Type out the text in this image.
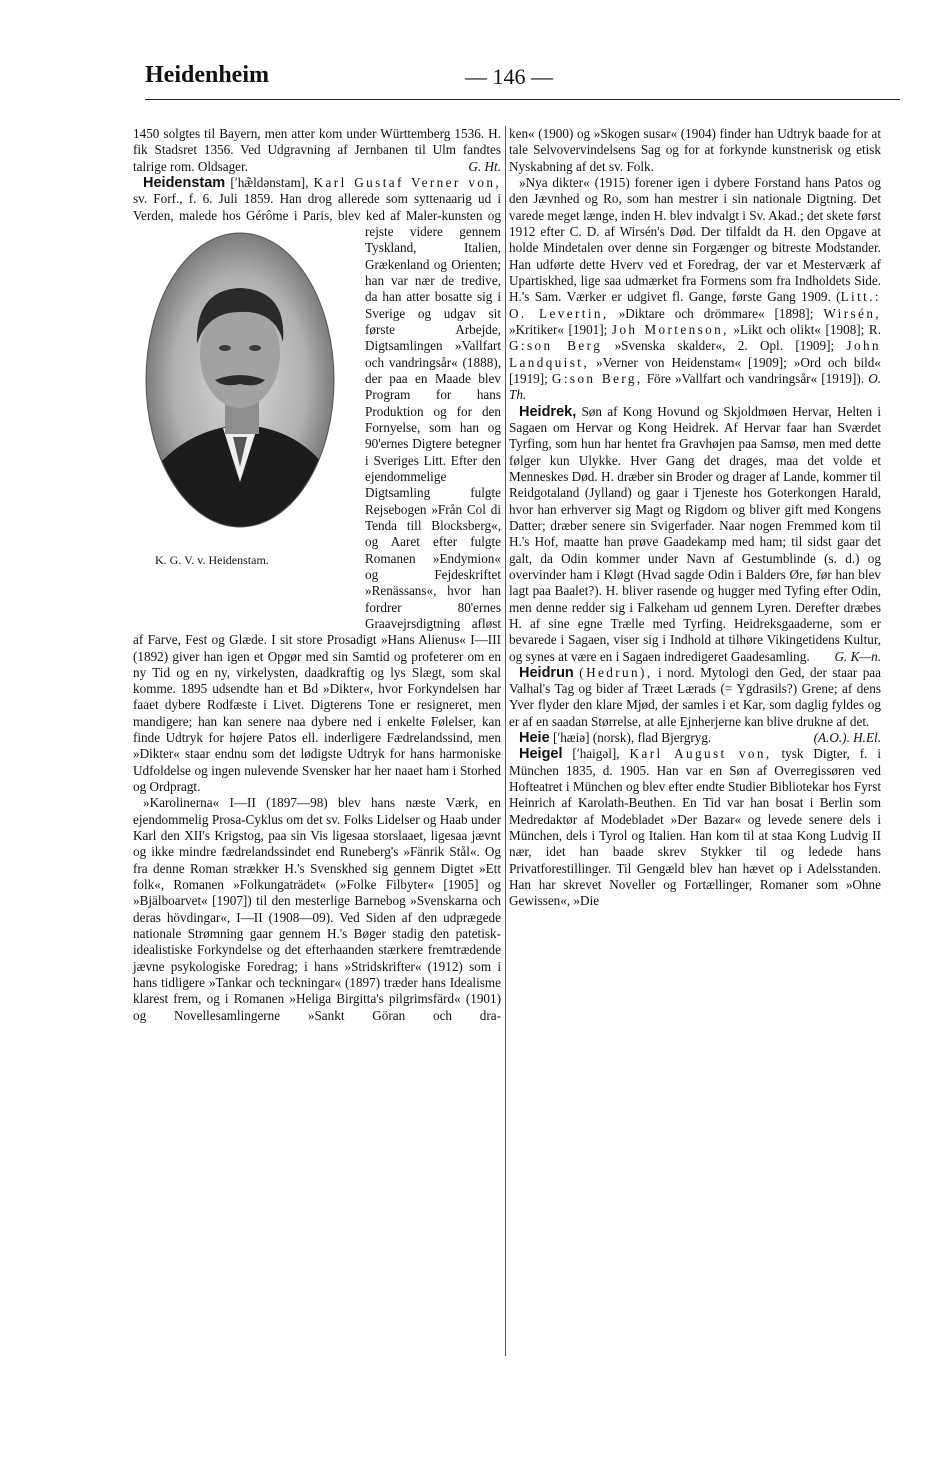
Heidenheim	— 146 —

1450 solgtes til Bayern, men atter kom under Württemberg 1536. H. fik Stadsret 1356. Ved Udgravning af Jernbanen til Ulm fandtes talrige rom. Oldsager.	G. Ht.

Heidenstam [ʹhæ̃ldənstam], Karl Gustaf Verner von, sv. Forf., f. 6. Juli 1859. Han drog allerede som syttenaarig ud i Verden, malede hos Gérôme i Paris, blev ked af Maler-
K. G. V. v. Heidenstam.
kunsten og rejste videre gennem Tyskland, Italien, Grækenland og Orienten; han var nær de tredive, da han atter bosatte sig i Sverige og udgav sit første Arbejde, Digtsamlingen »Vallfart och vandringsår« (1888), der paa en Maade blev Program for hans Produktion og for den Fornyelse, som han og 90'ernes Digtere betegner i Sveriges Litt. Efter den ejendommelige Digtsamling fulgte Rejsebogen »Från Col di Tenda till Blocksberg«, og Aaret efter fulgte Romanen »Endymion« og Fejdeskriftet »Renässans«, hvor han fordrer 80'ernes Graavejrsdigtning afløst af Farve, Fest og Glæde. I sit store Prosadigt »Hans Alienus« I—III (1892) giver han igen et Opgør med sin Samtid og profeterer om en ny Tid og en ny, virkelysten, daadkraftig og lys Slægt, som skal komme. 1895 udsendte han et Bd »Dikter«, hvor Forkyndelsen har faaet dybere Rodfæste i Livet. Digterens Tone er resigneret, men mandigere; han kan senere naa dybere ned i enkelte Følelser, kan finde Udtryk for højere Patos ell. inderligere Fædrelandssind, men »Dikter« staar endnu som det lødigste Udtryk for hans harmoniske Udfoldelse og ingen nulevende Svensker har her naaet ham i Storhed og Ordpragt.

»Karolinerna« I—II (1897—98) blev hans næste Værk, en ejendommelig Prosa-Cyklus om det sv. Folks Lidelser og Haab under Karl den XII's Krigstog, paa sin Vis ligesaa storslaaet, ligesaa jævnt og ikke mindre fædrelandssindet end Runeberg's »Fänrik Stål«. Og fra denne Roman strækker H.'s Svenskhed sig gennem Digtet »Ett folk«, Romanen »Folkungaträdet« (»Folke Filbyter« [1905] og »Bjälboarvet« [1907]) til den mesterlige Barnebog »Svenskarna och deras hövdingar«, I—II (1908—09). Ved Siden af den udprægede nationale Strømning gaar gennem H.'s Bøger stadig den patetisk-idealistiske Forkyndelse og det efterhaanden stærkere fremtrædende jævne psykologiske Foredrag; i hans »Stridskrifter« (1912) som i hans tidligere »Tankar och teckningar« (1897) træder hans Idealisme klarest frem, og i Romanen »Heliga Birgitta's pilgrimsfärd« (1901) og Novellesamlingerne »Sankt Göran och dra-

ken« (1900) og »Skogen susar« (1904) finder han Udtryk baade for at tale Selvovervindelsens Sag og for at forkynde kunstnerisk og etisk Nyskabning af det sv. Folk.

»Nya dikter« (1915) forener igen i dybere Forstand hans Patos og den Jævnhed og Ro, som han mestrer i sin nationale Digtning. Det varede meget længe, inden H. blev indvalgt i Sv. Akad.; det skete først 1912 efter C. D. af Wirsén's Død. Der tilfaldt da H. den Opgave at holde Mindetalen over denne sin Forgænger og bitreste Modstander. Han udførte dette Hverv ved et Foredrag, der var et Mesterværk af Upartiskhed, lige saa udmærket fra Formens som fra Indholdets Side. H.'s Sam. Værker er udgivet fl. Gange, første Gang 1909. (Litt.: O. Levertin, »Diktare och drömmare« [1898]; Wirsén, »Kritiker« [1901]; Joh Mortenson, »Likt och olikt« [1908]; R. G:son Berg »Svenska skalder«, 2. Opl. [1909]; John Landquist, »Verner von Heidenstam« [1909]; »Ord och bild« [1919]; G:son Berg, Före »Vallfart och vandringsår« [1919]). O. Th.

Heidrek, Søn af Kong Hovund og Skjoldmøen Hervar, Helten i Sagaen om Hervar og Kong Heidrek. Af Hervar faar han Sværdet Tyrfing, som hun har hentet fra Gravhøjen paa Samsø, men med dette følger kun Ulykke. Hver Gang det drages, maa det volde et Menneskes Død. H. dræber sin Broder og drager af Lande, kommer til Reidgotaland (Jylland) og gaar i Tjeneste hos Goterkongen Harald, hvor han erhverver sig Magt og Rigdom og bliver gift med Kongens Datter; dræber senere sin Svigerfader. Naar nogen Fremmed kom til H.'s Hof, maatte han prøve Gaadekamp med ham; til sidst gaar det galt, da Odin kommer under Navn af Gestumblinde (s. d.) og overvinder ham i Kløgt (Hvad sagde Odin i Balders Øre, før han blev lagt paa Baalet?). H. bliver rasende og hugger med Tyfing efter Odin, men denne redder sig i Falkeham ud gennem Lyren. Derefter dræbes H. af sine egne Trælle med Tyrfing. Heidreksgaaderne, som er bevarede i Sagaen, viser sig i Indhold at tilhøre Vikingetidens Kultur, og synes at være en i Sagaen indredigeret Gaadesamling.	G. K—n.

Heidrun (Hedrun), i nord. Mytologi den Ged, der staar paa Valhal's Tag og bider af Træet Lærads (= Ygdrasils?) Grene; af dens Yver flyder den klare Mjød, der samles i et Kar, som daglig fyldes og er af en saadan Størrelse, at alle Ejnherjerne kan blive drukne af det.
(A.O.). H.El.

Heie [ʹhæiə] (norsk), flad Bjergryg.

Heigel [ʹhaigəl], Karl August von, tysk Digter, f. i München 1835, d. 1905. Han var en Søn af Overregissøren ved Hofteatret i München og blev efter endte Studier Bibliotekar hos Fyrst Heinrich af Karolath-Beuthen. En Tid var han bosat i Berlin som Medredaktør af Modebladet »Der Bazar« og levede senere dels i München, dels i Tyrol og Italien. Han kom til at staa Kong Ludvig II nær, idet han baade skrev Stykker til og ledede hans Privatforestillinger. Til Gengæld blev han hævet op i Adelsstanden. Han har skrevet Noveller og Fortællinger, Romaner som »Ohne Gewissen«, »Die
